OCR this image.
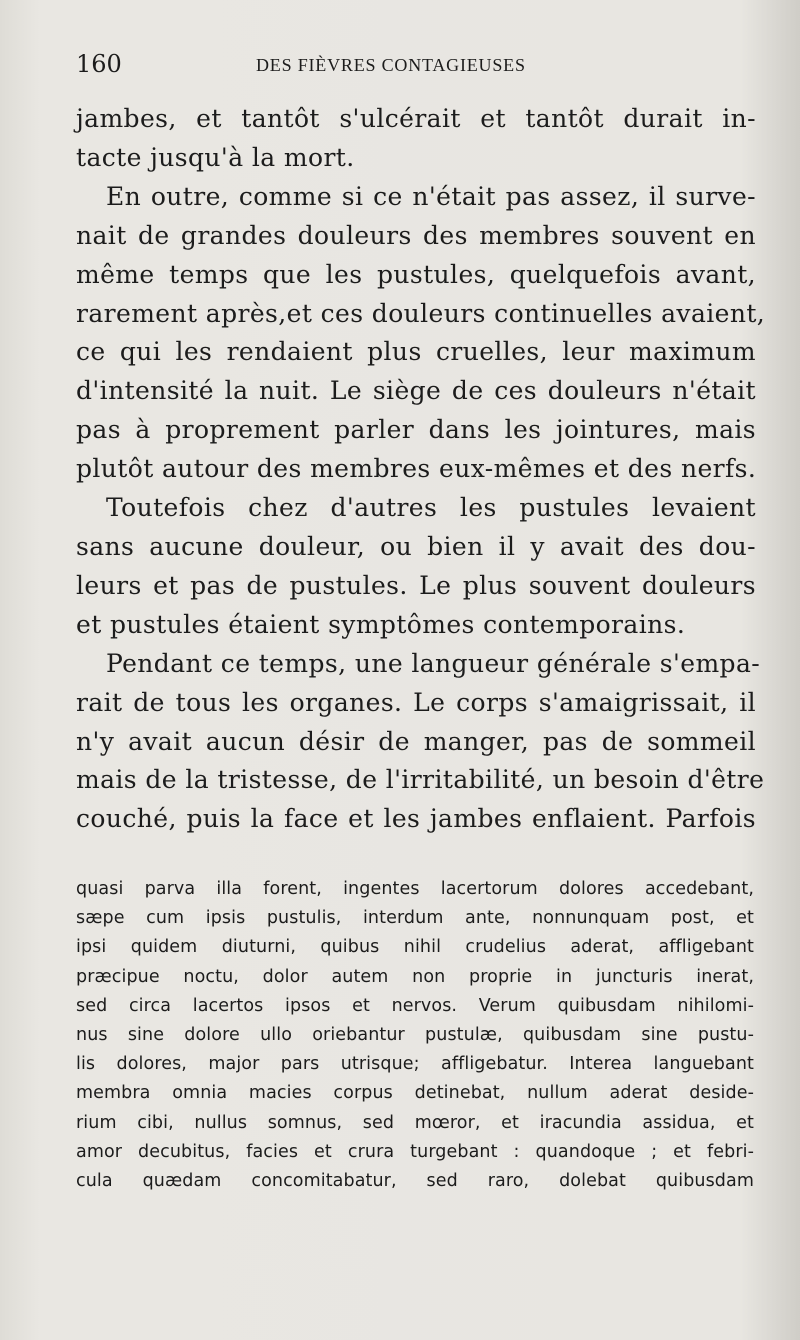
160	DES FIÈVRES CONTAGIEUSES
jambes, et tantôt s'ulcérait et tantôt durait in-
tacte jusqu'à la mort.
En outre, comme si ce n'était pas assez, il surve-
nait de grandes douleurs des membres souvent en
même temps que les pustules, quelquefois avant,
rarement après,et ces douleurs continuelles avaient,
ce qui les rendaient plus cruelles, leur maximum
d'intensité la nuit. Le siège de ces douleurs n'était
pas à proprement parler dans les jointures, mais
plutôt autour des membres eux-mêmes et des nerfs.
Toutefois chez d'autres les pustules levaient
sans aucune douleur, ou bien il y avait des dou-
leurs et pas de pustules. Le plus souvent douleurs
et pustules étaient symptômes contemporains.
Pendant ce temps, une langueur générale s'empa-
rait de tous les organes. Le corps s'amaigrissait, il
n'y avait aucun désir de manger, pas de sommeil
mais de la tristesse, de l'irritabilité, un besoin d'être
couché, puis la face et les jambes enflaient. Parfois
quasi parva illa forent, ingentes lacertorum dolores accedebant,
sæpe cum ipsis pustulis, interdum ante, nonnunquam post, et
ipsi quidem diuturni, quibus nihil crudelius aderat, affligebant
præcipue noctu, dolor autem non proprie in juncturis inerat,
sed circa lacertos ipsos et nervos. Verum quibusdam nihilomi-
nus sine dolore ullo oriebantur pustulæ, quibusdam sine pustu-
lis dolores, major pars utrisque; affligebatur. Interea languebant
membra omnia macies corpus detinebat, nullum aderat deside-
rium cibi, nullus somnus, sed mœror, et iracundia assidua, et
amor decubitus, facies et crura turgebant : quandoque ; et febri-
cula quædam concomitabatur, sed raro, dolebat quibusdam
